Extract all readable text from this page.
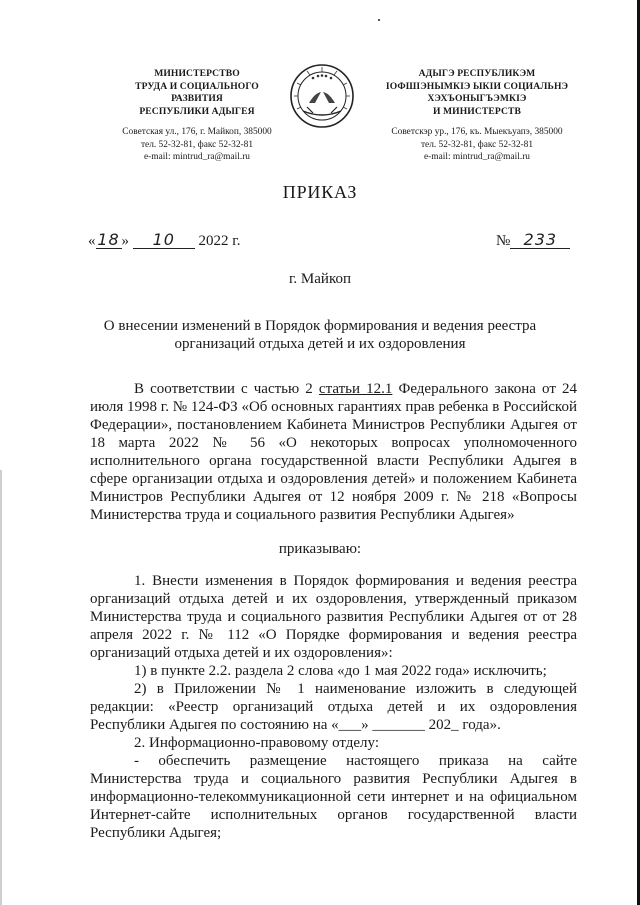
МИНИСТЕРСТВО
ТРУДА И СОЦИАЛЬНОГО
РАЗВИТИЯ
РЕСПУБЛИКИ АДЫГЕЯ
Советская ул., 176, г. Майкоп, 385000
тел. 52-32-81, факс 52-32-81
e-mail: mintrud_ra@mail.ru
АДЫГЭ РЕСПУБЛИКЭМ
IОФШIЭНЫМКIЭ ЫКIИ СОЦИАЛЬНЭ
ХЭХЪОНЫГЪЭМКIЭ
И МИНИСТЕРСТВ
Советскэр ур., 176, къ. Мыекъуапэ, 385000
тел. 52-32-81, факс 52-32-81
e-mail: mintrud_ra@mail.ru
ПРИКАЗ
« 18 » 10 2022 г.	№ 233
г. Майкоп
О внесении изменений в Порядок формирования и ведения реестра
организаций отдыха детей и их оздоровления
В соответствии с частью 2 статьи 12.1 Федерального закона от 24 июля 1998 г. № 124-ФЗ «Об основных гарантиях прав ребенка в Российской Федерации», постановлением Кабинета Министров Республики Адыгея от 18 марта 2022 № 56 «О некоторых вопросах уполномоченного исполнительного органа государственной власти Республики Адыгея в сфере организации отдыха и оздоровления детей» и положением Кабинета Министров Республики Адыгея от 12 ноября 2009 г. № 218 «Вопросы Министерства труда и социального развития Республики Адыгея»
приказываю:

1. Внести изменения в Порядок формирования и ведения реестра организаций отдыха детей и их оздоровления, утвержденный приказом Министерства труда и социального развития Республики Адыгея от от 28 апреля 2022 г. № 112 «О Порядке формирования и ведения реестра организаций отдыха детей и их оздоровления»:

1) в пункте 2.2. раздела 2 слова «до 1 мая 2022 года» исключить;

2) в Приложении № 1 наименование изложить в следующей редакции: «Реестр организаций отдыха детей и их оздоровления Республики Адыгея по состоянию на «___» _______ 202_ года».

2. Информационно-правовому отделу:

- обеспечить размещение настоящего приказа на сайте Министерства труда и социального развития Республики Адыгея в информационно-телекоммуникационной сети интернет и на официальном Интернет-сайте исполнительных органов государственной власти Республики Адыгея;
